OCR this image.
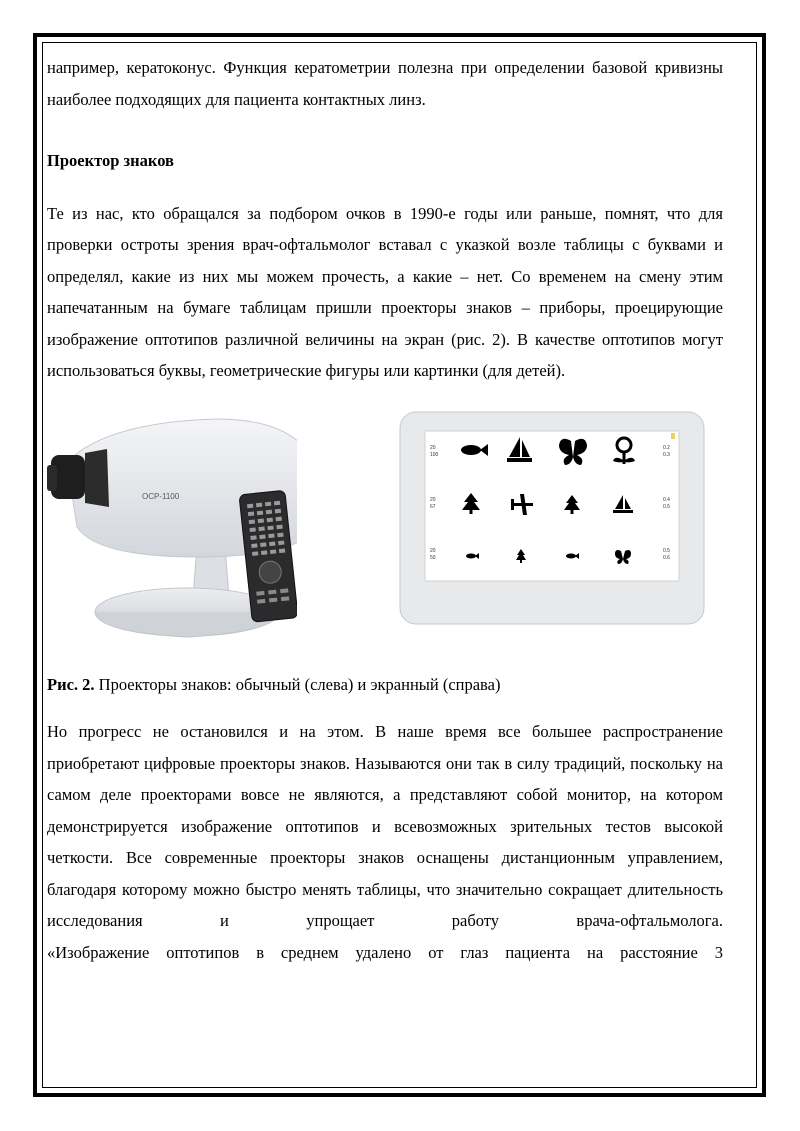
например, кератоконус. Функция кератометрии полезна при определении базовой кривизны наиболее подходящих для пациента контактных линз.

Проектор знаков

Те из нас, кто обращался за подбором очков в 1990-е годы или раньше, помнят, что для проверки остроты зрения врач-офтальмолог вставал с указкой возле таблицы с буквами и определял, какие из них мы можем прочесть, а какие – нет. Со временем на смену этим напечатанным на бумаге таблицам пришли проекторы знаков – приборы, проецирующие изображение оптотипов различной величины на экран (рис. 2). В качестве оптотипов могут использоваться буквы, геометрические фигуры или картинки (для детей).

OCP-1100
20
100
20
67
20
50
0.2
0.3
0.4
0.5
0.5
0.6

Рис. 2. Проекторы знаков: обычный (слева) и экранный (справа)

Но прогресс не остановился и на этом. В наше время все большее распространение приобретают цифровые проекторы знаков. Называются они так в силу традиций, поскольку на самом деле проекторами вовсе не являются, а представляют собой монитор, на котором демонстрируется изображение оптотипов и всевозможных зрительных тестов высокой четкости. Все современные проекторы знаков оснащены дистанционным управлением, благодаря которому можно быстро менять таблицы, что значительно сокращает длительность исследования и упрощает работу врача-офтальмолога.

«Изображение оптотипов в среднем удалено от глаз пациента на расстояние 3
